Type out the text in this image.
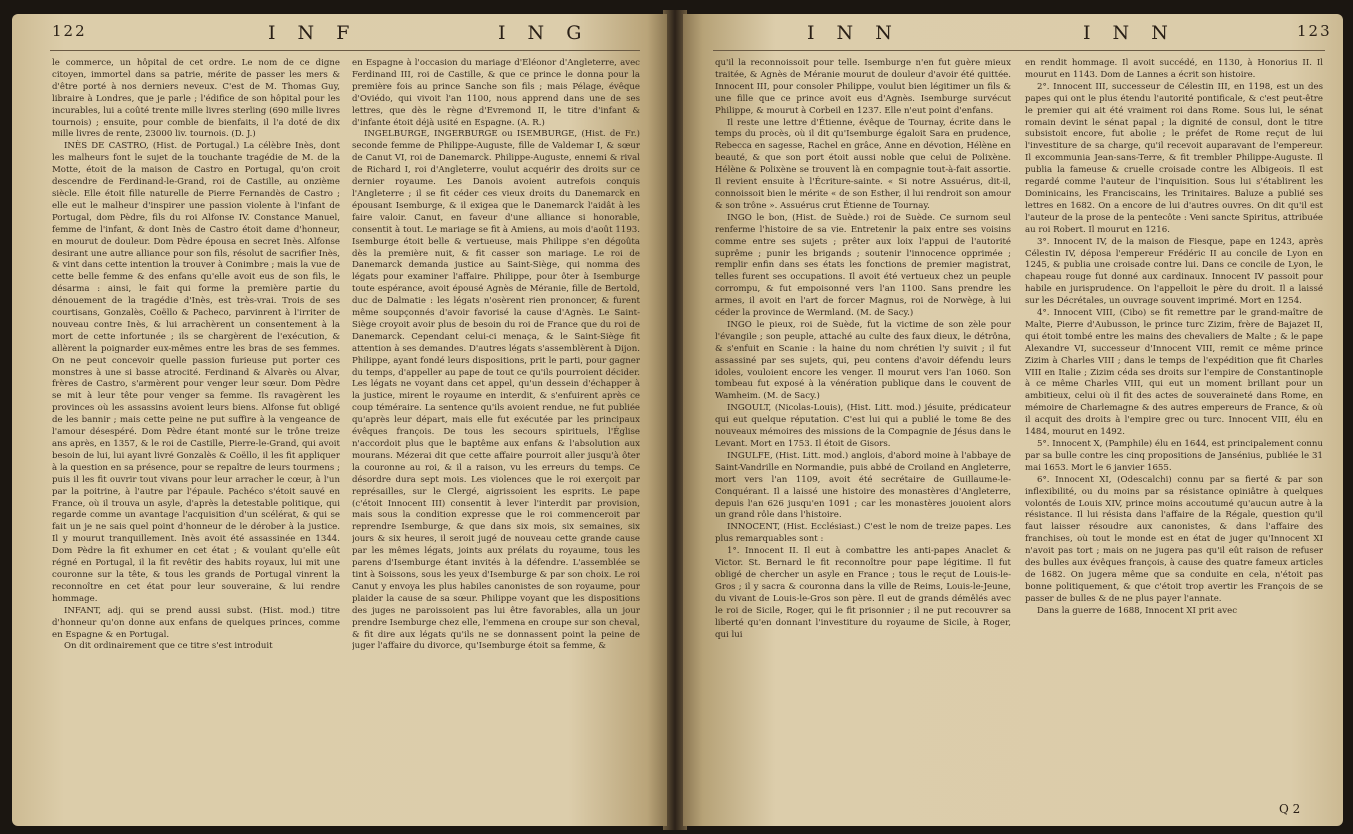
122	I N F	I N G

le commerce, un hôpital de cet ordre. Le nom de ce digne citoyen, immortel dans sa patrie, mérite de passer les mers & d'être porté à nos derniers neveux. C'est de M. Thomas Guy, libraire à Londres, que je parle ; l'édifice de son hôpital pour les incurables, lui a coûté trente mille livres sterling (690 mille livres tournois) ; ensuite, pour comble de bienfaits, il l'a doté de dix mille livres de rente, 23000 liv. tournois. (D. J.)

INÈS DE CASTRO, (Hist. de Portugal.) La célèbre Inès, dont les malheurs font le sujet de la touchante tragédie de M. de la Motte, étoit de la maison de Castro en Portugal, qu'on croit descendre de Ferdinand-le-Grand, roi de Castille, au onzième siècle. Elle étoit fille naturelle de Pierre Fernandès de Castro ; elle eut le malheur d'inspirer une passion violente à l'infant de Portugal, dom Pèdre, fils du roi Alfonse IV. Constance Manuel, femme de l'infant, & dont Inès de Castro étoit dame d'honneur, en mourut de douleur. Dom Pèdre épousa en secret Inès. Alfonse desirant une autre alliance pour son fils, résolut de sacrifier Inès, & vint dans cette intention la trouver à Conimbre ; mais la vue de cette belle femme & des enfans qu'elle avoit eus de son fils, le désarma : ainsi, le fait qui forme la première partie du dénouement de la tragédie d'Inès, est très-vrai. Trois de ses courtisans, Gonzalès, Coëllo & Pacheco, parvinrent à l'irriter de nouveau contre Inès, & lui arrachèrent un consentement à la mort de cette infortunée ; ils se chargèrent de l'exécution, & allèrent la poignarder eux-mêmes entre les bras de ses femmes. On ne peut concevoir quelle passion furieuse put porter ces monstres à une si basse atrocité. Ferdinand & Alvarès ou Alvar, frères de Castro, s'armèrent pour venger leur sœur. Dom Pèdre se mit à leur tête pour venger sa femme. Ils ravagèrent les provinces où les assassins avoient leurs biens. Alfonse fut obligé de les bannir ; mais cette peine ne put suffire à la vengeance de l'amour désespéré. Dom Pèdre étant monté sur le trône treize ans après, en 1357, & le roi de Castille, Pierre-le-Grand, qui avoit besoin de lui, lui ayant livré Gonzalès & Coëllo, il les fit appliquer à la question en sa présence, pour se repaître de leurs tourmens ; puis il les fit ouvrir tout vivans pour leur arracher le cœur, à l'un par la poitrine, à l'autre par l'épaule. Pachéco s'étoit sauvé en France, où il trouva un asyle, d'après la detestable politique, qui regarde comme un avantage l'acquisition d'un scélérat, & qui se fait un je ne sais quel point d'honneur de le dérober à la justice. Il y mourut tranquillement. Inès avoit été assassinée en 1344. Dom Pèdre la fit exhumer en cet état ; & voulant qu'elle eût régné en Portugal, il la fit revêtir des habits royaux, lui mit une couronne sur la tête, & tous les grands de Portugal vinrent la reconnoître en cet état pour leur souveraine, & lui rendre hommage.

INFANT, adj. qui se prend aussi subst. (Hist. mod.) titre d'honneur qu'on donne aux enfans de quelques princes, comme en Espagne & en Portugal.

On dit ordinairement que ce titre s'est introduit

en Espagne à l'occasion du mariage d'Éléonor d'Angleterre, avec Ferdinand III, roi de Castille, & que ce prince le donna pour la première fois au prince Sanche son fils ; mais Pélage, évêque d'Oviédo, qui vivoit l'an 1100, nous apprend dans une de ses lettres, que dès le règne d'Evremond II, le titre d'infant & d'infante étoit déjà usité en Espagne. (A. R.)

INGELBURGE, INGERBURGE ou ISEMBURGE, (Hist. de Fr.) seconde femme de Philippe-Auguste, fille de Valdemar I, & sœur de Canut VI, roi de Danemarck. Philippe-Auguste, ennemi & rival de Richard I, roi d'Angleterre, voulut acquérir des droits sur ce dernier royaume. Les Danois avoient autrefois conquis l'Angleterre ; il se fit céder ces vieux droits du Danemarck en épousant Isemburge, & il exigea que le Danemarck l'aidât à les faire valoir. Canut, en faveur d'une alliance si honorable, consentit à tout. Le mariage se fit à Amiens, au mois d'août 1193. Isemburge étoit belle & vertueuse, mais Philippe s'en dégoûta dès la première nuit, & fit casser son mariage. Le roi de Danemarck demanda justice au Saint-Siège, qui nomma des légats pour examiner l'affaire. Philippe, pour ôter à Isemburge toute espérance, avoit épousé Agnès de Méranie, fille de Bertold, duc de Dalmatie : les légats n'osèrent rien prononcer, & furent même soupçonnés d'avoir favorisé la cause d'Agnès. Le Saint-Siège croyoit avoir plus de besoin du roi de France que du roi de Danemarck. Cependant celui-ci menaça, & le Saint-Siège fit attention à ses demandes. D'autres légats s'assemblèrent à Dijon. Philippe, ayant fondé leurs dispositions, prit le parti, pour gagner du temps, d'appeller au pape de tout ce qu'ils pourroient décider. Les légats ne voyant dans cet appel, qu'un dessein d'échapper à la justice, mirent le royaume en interdit, & s'enfuirent après ce coup téméraire. La sentence qu'ils avoient rendue, ne fut publiée qu'après leur départ, mais elle fut exécutée par les principaux évêques françois. De tous les secours spirituels, l'Église n'accordoit plus que le baptême aux enfans & l'absolution aux mourans. Mézerai dit que cette affaire pourroit aller jusqu'à ôter la couronne au roi, & il a raison, vu les erreurs du temps. Ce désordre dura sept mois. Les violences que le roi exerçoit par représailles, sur le Clergé, aigrissoient les esprits. Le pape (c'étoit Innocent III) consentit à lever l'interdit par provision, mais sous la condition expresse que le roi commenceroit par reprendre Isemburge, & que dans six mois, six semaines, six jours & six heures, il seroit jugé de nouveau cette grande cause par les mêmes légats, joints aux prélats du royaume, tous les parens d'Isemburge étant invités à la défendre. L'assemblée se tint à Soissons, sous les yeux d'Isemburge & par son choix. Le roi Canut y envoya les plus habiles canonistes de son royaume, pour plaider la cause de sa sœur. Philippe voyant que les dispositions des juges ne paroissoient pas lui être favorables, alla un jour prendre Isemburge chez elle, l'emmena en croupe sur son cheval, & fit dire aux légats qu'ils ne se donnassent point la peine de juger l'affaire du divorce, qu'Isemburge étoit sa femme, &

I N N	I N N	123

qu'il la reconnoissoit pour telle. Isemburge n'en fut guère mieux traitée, & Agnès de Méranie mourut de douleur d'avoir été quittée. Innocent III, pour consoler Philippe, voulut bien légitimer un fils & une fille que ce prince avoit eus d'Agnès. Isemburge survécut Philippe, & mourut à Corbeil en 1237. Elle n'eut point d'enfans.

Il reste une lettre d'Étienne, évêque de Tournay, écrite dans le temps du procès, où il dit qu'Isemburge égaloit Sara en prudence, Rebecca en sagesse, Rachel en grâce, Anne en dévotion, Hélène en beauté, & que son port étoit aussi noble que celui de Polixène. Hélène & Polixène se trouvent là en compagnie tout-à-fait assortie. Il revient ensuite à l'Écriture-sainte. « Si notre Assuérus, dit-il, connoissoit bien le mérite « de son Esther, il lui rendroit son amour & son trône ». Assuérus crut Étienne de Tournay.

INGO le bon, (Hist. de Suède.) roi de Suède. Ce surnom seul renferme l'histoire de sa vie. Entretenir la paix entre ses voisins comme entre ses sujets ; prêter aux loix l'appui de l'autorité suprême ; punir les brigands ; soutenir l'innocence opprimée ; remplir enfin dans ses états les fonctions de premier magistrat, telles furent ses occupations. Il avoit été vertueux chez un peuple corrompu, & fut empoisonné vers l'an 1100. Sans prendre les armes, il avoit en l'art de forcer Magnus, roi de Norwège, à lui céder la province de Wermland. (M. de Sacy.)

INGO le pieux, roi de Suède, fut la victime de son zèle pour l'évangile ; son peuple, attaché au culte des faux dieux, le détrôna, & s'enfuit en Scanie : la haine du nom chrétien l'y suivit ; il fut assassiné par ses sujets, qui, peu contens d'avoir défendu leurs idoles, vouloient encore les venger. Il mourut vers l'an 1060. Son tombeau fut exposé à la vénération publique dans le couvent de Wamheim. (M. de Sacy.)

INGOULT, (Nicolas-Louis), (Hist. Litt. mod.) jésuite, prédicateur qui eut quelque réputation. C'est lui qui a publié le tome 8e des nouveaux mémoires des missions de la Compagnie de Jésus dans le Levant. Mort en 1753. Il étoit de Gisors.

INGULFE, (Hist. Litt. mod.) anglois, d'abord moine à l'abbaye de Saint-Vandrille en Normandie, puis abbé de Croiland en Angleterre, mort vers l'an 1109, avoit été secrétaire de Guillaume-le-Conquérant. Il a laissé une histoire des monastères d'Angleterre, depuis l'an 626 jusqu'en 1091 ; car les monastères jouoient alors un grand rôle dans l'histoire.

INNOCENT, (Hist. Ecclésiast.) C'est le nom de treize papes. Les plus remarquables sont :

1°. Innocent II. Il eut à combattre les anti-papes Anaclet & Victor. St. Bernard le fit reconnoître pour pape légitime. Il fut obligé de chercher un asyle en France ; tous le reçut de Louis-le-Gros ; il y sacra & couronna dans la ville de Reims, Louis-le-Jeune, du vivant de Louis-le-Gros son père. Il eut de grands démêlés avec le roi de Sicile, Roger, qui le fit prisonnier ; il ne put recouvrer sa liberté qu'en donnant l'investiture du royaume de Sicile, à Roger, qui lui

en rendit hommage. Il avoit succédé, en 1130, à Honorius II. Il mourut en 1143. Dom de Lannes a écrit son histoire.

2°. Innocent III, successeur de Célestin III, en 1198, est un des papes qui ont le plus étendu l'autorité pontificale, & c'est peut-être le premier qui ait été vraiment roi dans Rome. Sous lui, le sénat romain devint le sénat papal ; la dignité de consul, dont le titre subsistoit encore, fut abolie ; le préfet de Rome reçut de lui l'investiture de sa charge, qu'il recevoit auparavant de l'empereur. Il excommunia Jean-sans-Terre, & fit trembler Philippe-Auguste. Il publia la fameuse & cruelle croisade contre les Albigeois. Il est regardé comme l'auteur de l'inquisition. Sous lui s'établirent les Dominicains, les Franciscains, les Trinitaires. Baluze a publié ses lettres en 1682. On a encore de lui d'autres ouvres. On dit qu'il est l'auteur de la prose de la pentecôte : Veni sancte Spiritus, attribuée au roi Robert. Il mourut en 1216.

3°. Innocent IV, de la maison de Fiesque, pape en 1243, après Célestin IV, déposa l'empereur Frédéric II au concile de Lyon en 1245, & publia une croisade contre lui. Dans ce concile de Lyon, le chapeau rouge fut donné aux cardinaux. Innocent IV passoit pour habile en jurisprudence. On l'appelloit le père du droit. Il a laissé sur les Décrétales, un ouvrage souvent imprimé. Mort en 1254.

4°. Innocent VIII, (Cibo) se fit remettre par le grand-maître de Malte, Pierre d'Aubusson, le prince turc Zizim, frère de Bajazet II, qui étoit tombé entre les mains des chevaliers de Malte ; & le pape Alexandre VI, successeur d'Innocent VIII, remit ce même prince Zizim à Charles VIII ; dans le temps de l'expédition que fit Charles VIII en Italie ; Zizim céda ses droits sur l'empire de Constantinople à ce même Charles VIII, qui eut un moment brillant pour un ambitieux, celui où il fit des actes de souveraineté dans Rome, en mémoire de Charlemagne & des autres empereurs de France, & où il acquit des droits à l'empire grec ou turc. Innocent VIII, élu en 1484, mourut en 1492.

5°. Innocent X, (Pamphile) élu en 1644, est principalement connu par sa bulle contre les cinq propositions de Jansénius, publiée le 31 mai 1653. Mort le 6 janvier 1655.

6°. Innocent XI, (Odescalchi) connu par sa fierté & par son inflexibilité, ou du moins par sa résistance opiniâtre à quelques volontés de Louis XIV, prince moins accoutumé qu'aucun autre à la résistance. Il lui résista dans l'affaire de la Régale, question qu'il faut laisser résoudre aux canonistes, & dans l'affaire des franchises, où tout le monde est en état de juger qu'Innocent XI n'avoit pas tort ; mais on ne jugera pas qu'il eût raison de refuser des bulles aux évêques françois, à cause des quatre fameux articles de 1682. On jugera même que sa conduite en cela, n'étoit pas bonne politiquement, & que c'étoit trop avertir les François de se passer de bulles & de ne plus payer l'annate.

Dans la guerre de 1688, Innocent XI prit avec

Q 2
